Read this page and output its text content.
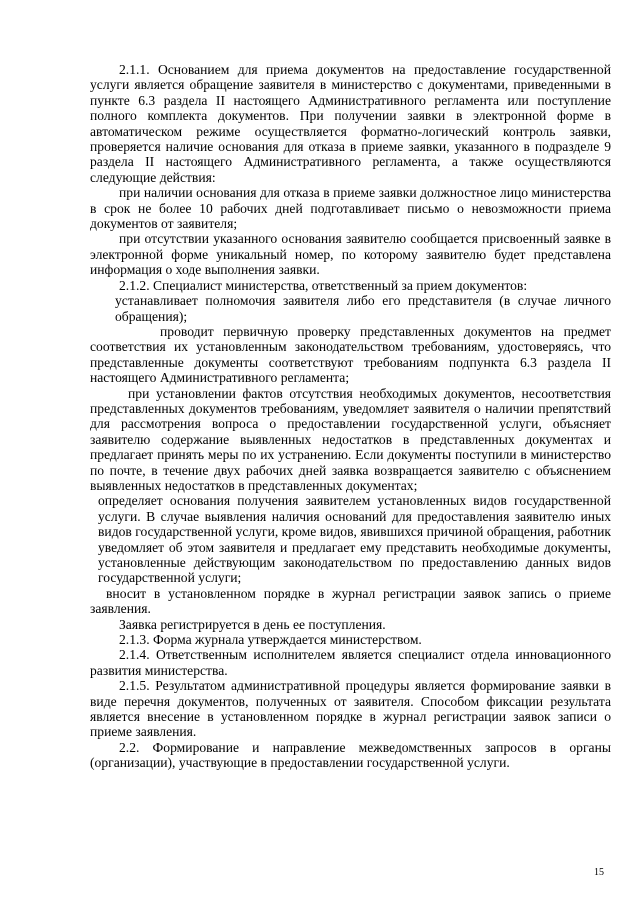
2.1.1. Основанием для приема документов на предоставление государственной услуги является обращение заявителя в министерство с документами, приведенными в пункте 6.3 раздела II настоящего Административного регламента или поступление полного комплекта документов. При получении заявки в электронной форме в автоматическом режиме осуществляется форматно-логический контроль заявки, проверяется наличие основания для отказа в приеме заявки, указанного в подразделе 9 раздела II настоящего Административного регламента, а также осуществляются следующие действия:

при наличии основания для отказа в приеме заявки должностное лицо министерства в срок не более 10 рабочих дней подготавливает письмо о невозможности приема документов от заявителя;

при отсутствии указанного основания заявителю сообщается присвоенный заявке в электронной форме уникальный номер, по которому заявителю будет представлена информация о ходе выполнения заявки.

2.1.2. Специалист министерства, ответственный за прием документов:

устанавливает полномочия заявителя либо его представителя (в случае личного обращения);

проводит первичную проверку представленных документов на предмет соответствия их установленным законодательством требованиям, удостоверяясь, что представленные документы соответствуют требованиям подпункта 6.3 раздела II настоящего Административного регламента;

при установлении фактов отсутствия необходимых документов, несоответствия представленных документов требованиям, уведомляет заявителя о наличии препятствий для рассмотрения вопроса о предоставлении государственной услуги, объясняет заявителю содержание выявленных недостатков в представленных документах и предлагает принять меры по их устранению. Если документы поступили в министерство по почте, в течение двух рабочих дней заявка возвращается заявителю с объяснением выявленных недостатков в представленных документах;

определяет основания получения заявителем установленных видов государственной услуги. В случае выявления наличия оснований для предоставления заявителю иных видов государственной услуги, кроме видов, явившихся причиной обращения, работник уведомляет об этом заявителя и предлагает ему представить необходимые документы, установленные действующим законодательством по предоставлению данных видов государственной услуги;

вносит в установленном порядке в журнал регистрации заявок запись о приеме заявления.

Заявка регистрируется в день ее поступления.

2.1.3. Форма журнала утверждается министерством.

2.1.4. Ответственным исполнителем является специалист отдела инновационного развития министерства.

2.1.5. Результатом административной процедуры является формирование заявки в виде перечня документов, полученных от заявителя. Способом фиксации результата является внесение в установленном порядке в журнал регистрации заявок записи о приеме заявления.

2.2. Формирование и направление межведомственных запросов в органы (организации), участвующие в предоставлении государственной услуги.

15
